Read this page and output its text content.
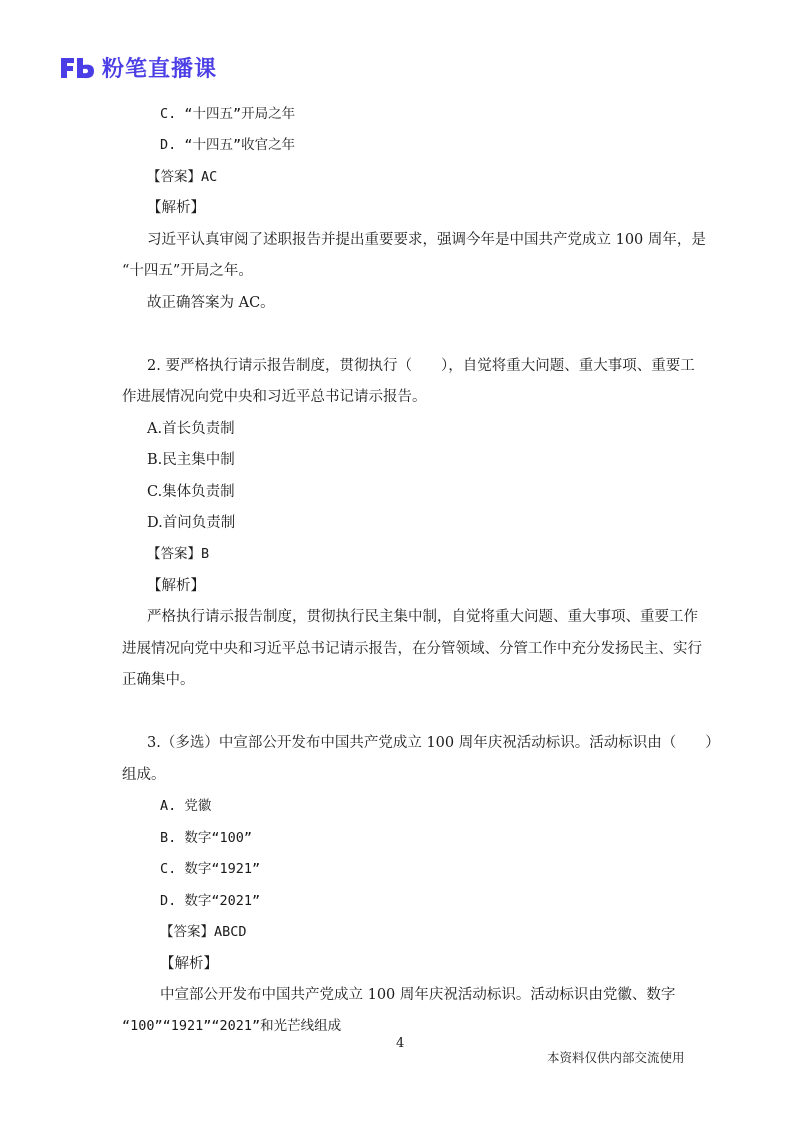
粉笔直播课
C. “十四五”开局之年
D. “十四五”收官之年
【答案】AC
【解析】
习近平认真审阅了述职报告并提出重要要求，强调今年是中国共产党成立 100 周年，是
“十四五”开局之年。
故正确答案为 AC。
2. 要严格执行请示报告制度，贯彻执行（　　），自觉将重大问题、重大事项、重要工
作进展情况向党中央和习近平总书记请示报告。
A.首长负责制
B.民主集中制
C.集体负责制
D.首问负责制
【答案】B
【解析】
严格执行请示报告制度，贯彻执行民主集中制，自觉将重大问题、重大事项、重要工作
进展情况向党中央和习近平总书记请示报告，在分管领域、分管工作中充分发扬民主、实行
正确集中。
3.（多选）中宣部公开发布中国共产党成立 100 周年庆祝活动标识。活动标识由（　　）
组成。
A. 党徽
B. 数字“100”
C. 数字“1921”
D. 数字“2021”
【答案】ABCD
【解析】
中宣部公开发布中国共产党成立 100 周年庆祝活动标识。活动标识由党徽、数字
“100”“1921”“2021”和光芒线组成
4
本资料仅供内部交流使用
